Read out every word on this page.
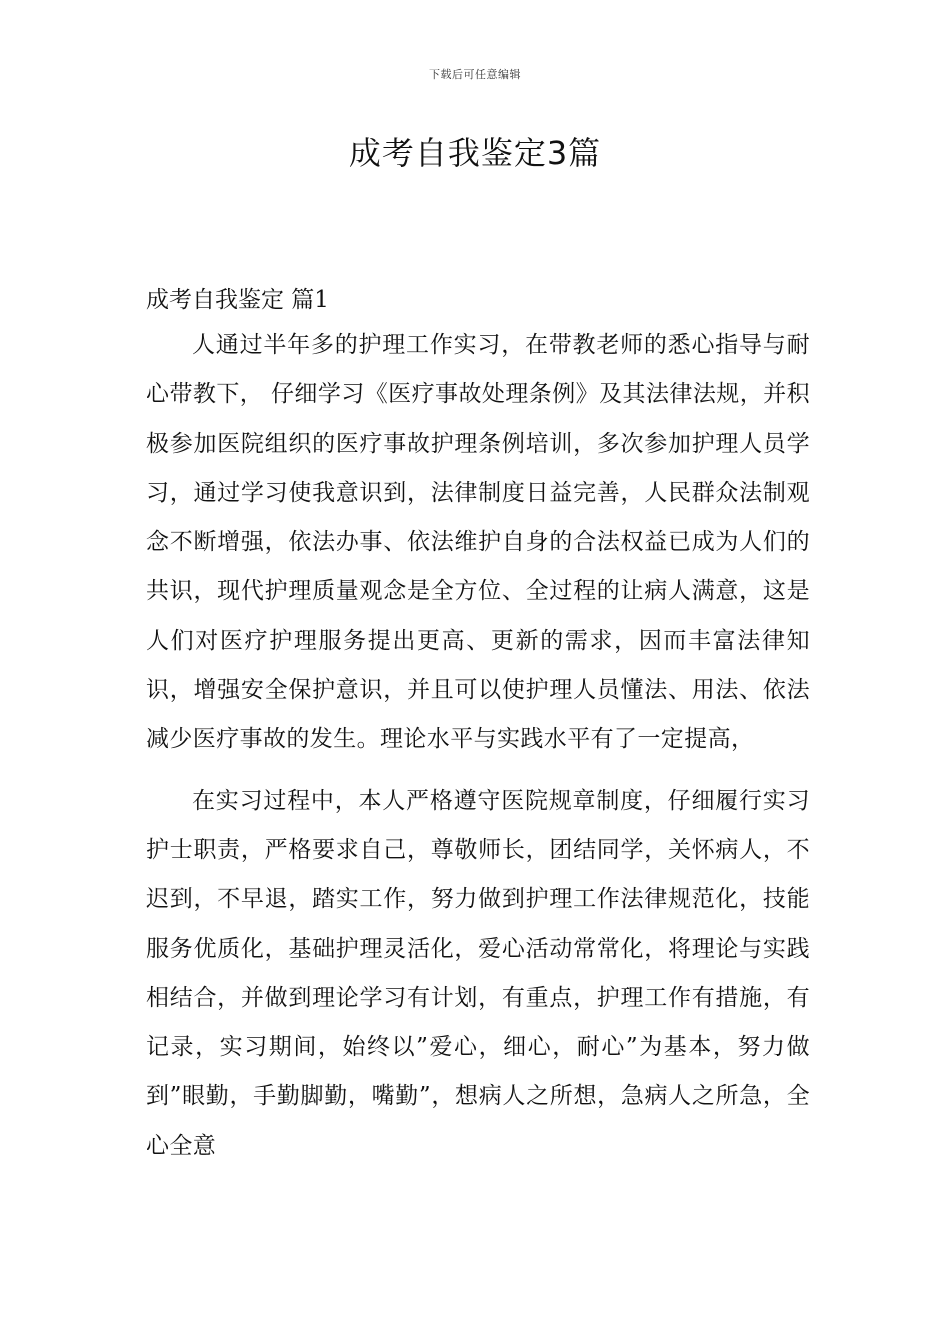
下载后可任意编辑
成考自我鉴定3篇
成考自我鉴定 篇1

人通过半年多的护理工作实习，在带教老师的悉心指导与耐心带教下， 仔细学习《医疗事故处理条例》及其法律法规，并积极参加医院组织的医疗事故护理条例培训，多次参加护理人员学习，通过学习使我意识到，法律制度日益完善，人民群众法制观念不断增强，依法办事、依法维护自身的合法权益已成为人们的共识，现代护理质量观念是全方位、全过程的让病人满意，这是人们对医疗护理服务提出更高、更新的需求，因而丰富法律知识，增强安全保护意识，并且可以使护理人员懂法、用法、依法减少医疗事故的发生。理论水平与实践水平有了一定提高，

在实习过程中，本人严格遵守医院规章制度，仔细履行实习护士职责，严格要求自己，尊敬师长，团结同学，关怀病人，不迟到，不早退，踏实工作，努力做到护理工作法律规范化，技能服务优质化，基础护理灵活化，爱心活动常常化，将理论与实践相结合，并做到理论学习有计划，有重点，护理工作有措施，有记录，实习期间，始终以”爱心，细心，耐心”为基本，努力做到”眼勤，手勤脚勤，嘴勤”，想病人之所想，急病人之所急，全心全意
